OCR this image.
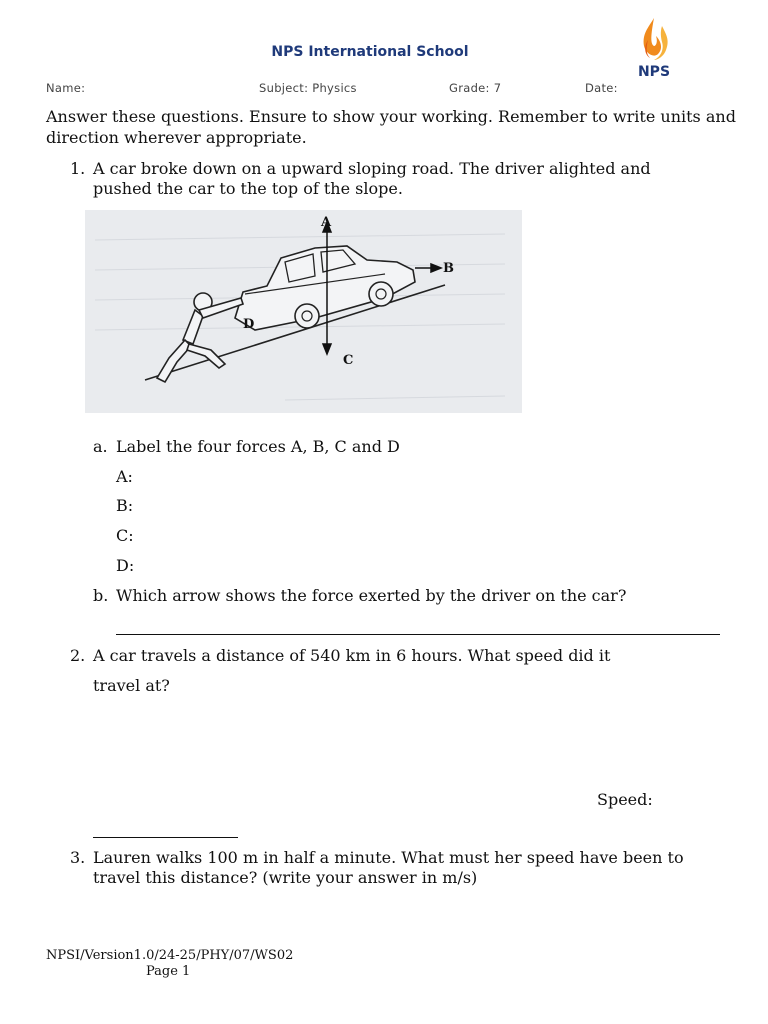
NPS International School
NPS
Name:	Subject: Physics	Grade: 7	Date:
Answer these questions. Ensure to show your working. Remember to write units and direction wherever appropriate.
1. A car broke down on a upward sloping road. The driver alighted and pushed the car to the top of the slope.
A
B
C
D
a. Label the four forces A, B, C and D
A:
B:
C:
D:
b. Which arrow shows the force exerted by the driver on the car?
2. A car travels a distance of 540 km in 6 hours. What speed did it
travel at?
Speed:
3. Lauren walks 100 m in half a minute. What must her speed have been to travel this distance? (write your answer in m/s)
NPSI/Version1.0/24-25/PHY/07/WS02
Page 1
